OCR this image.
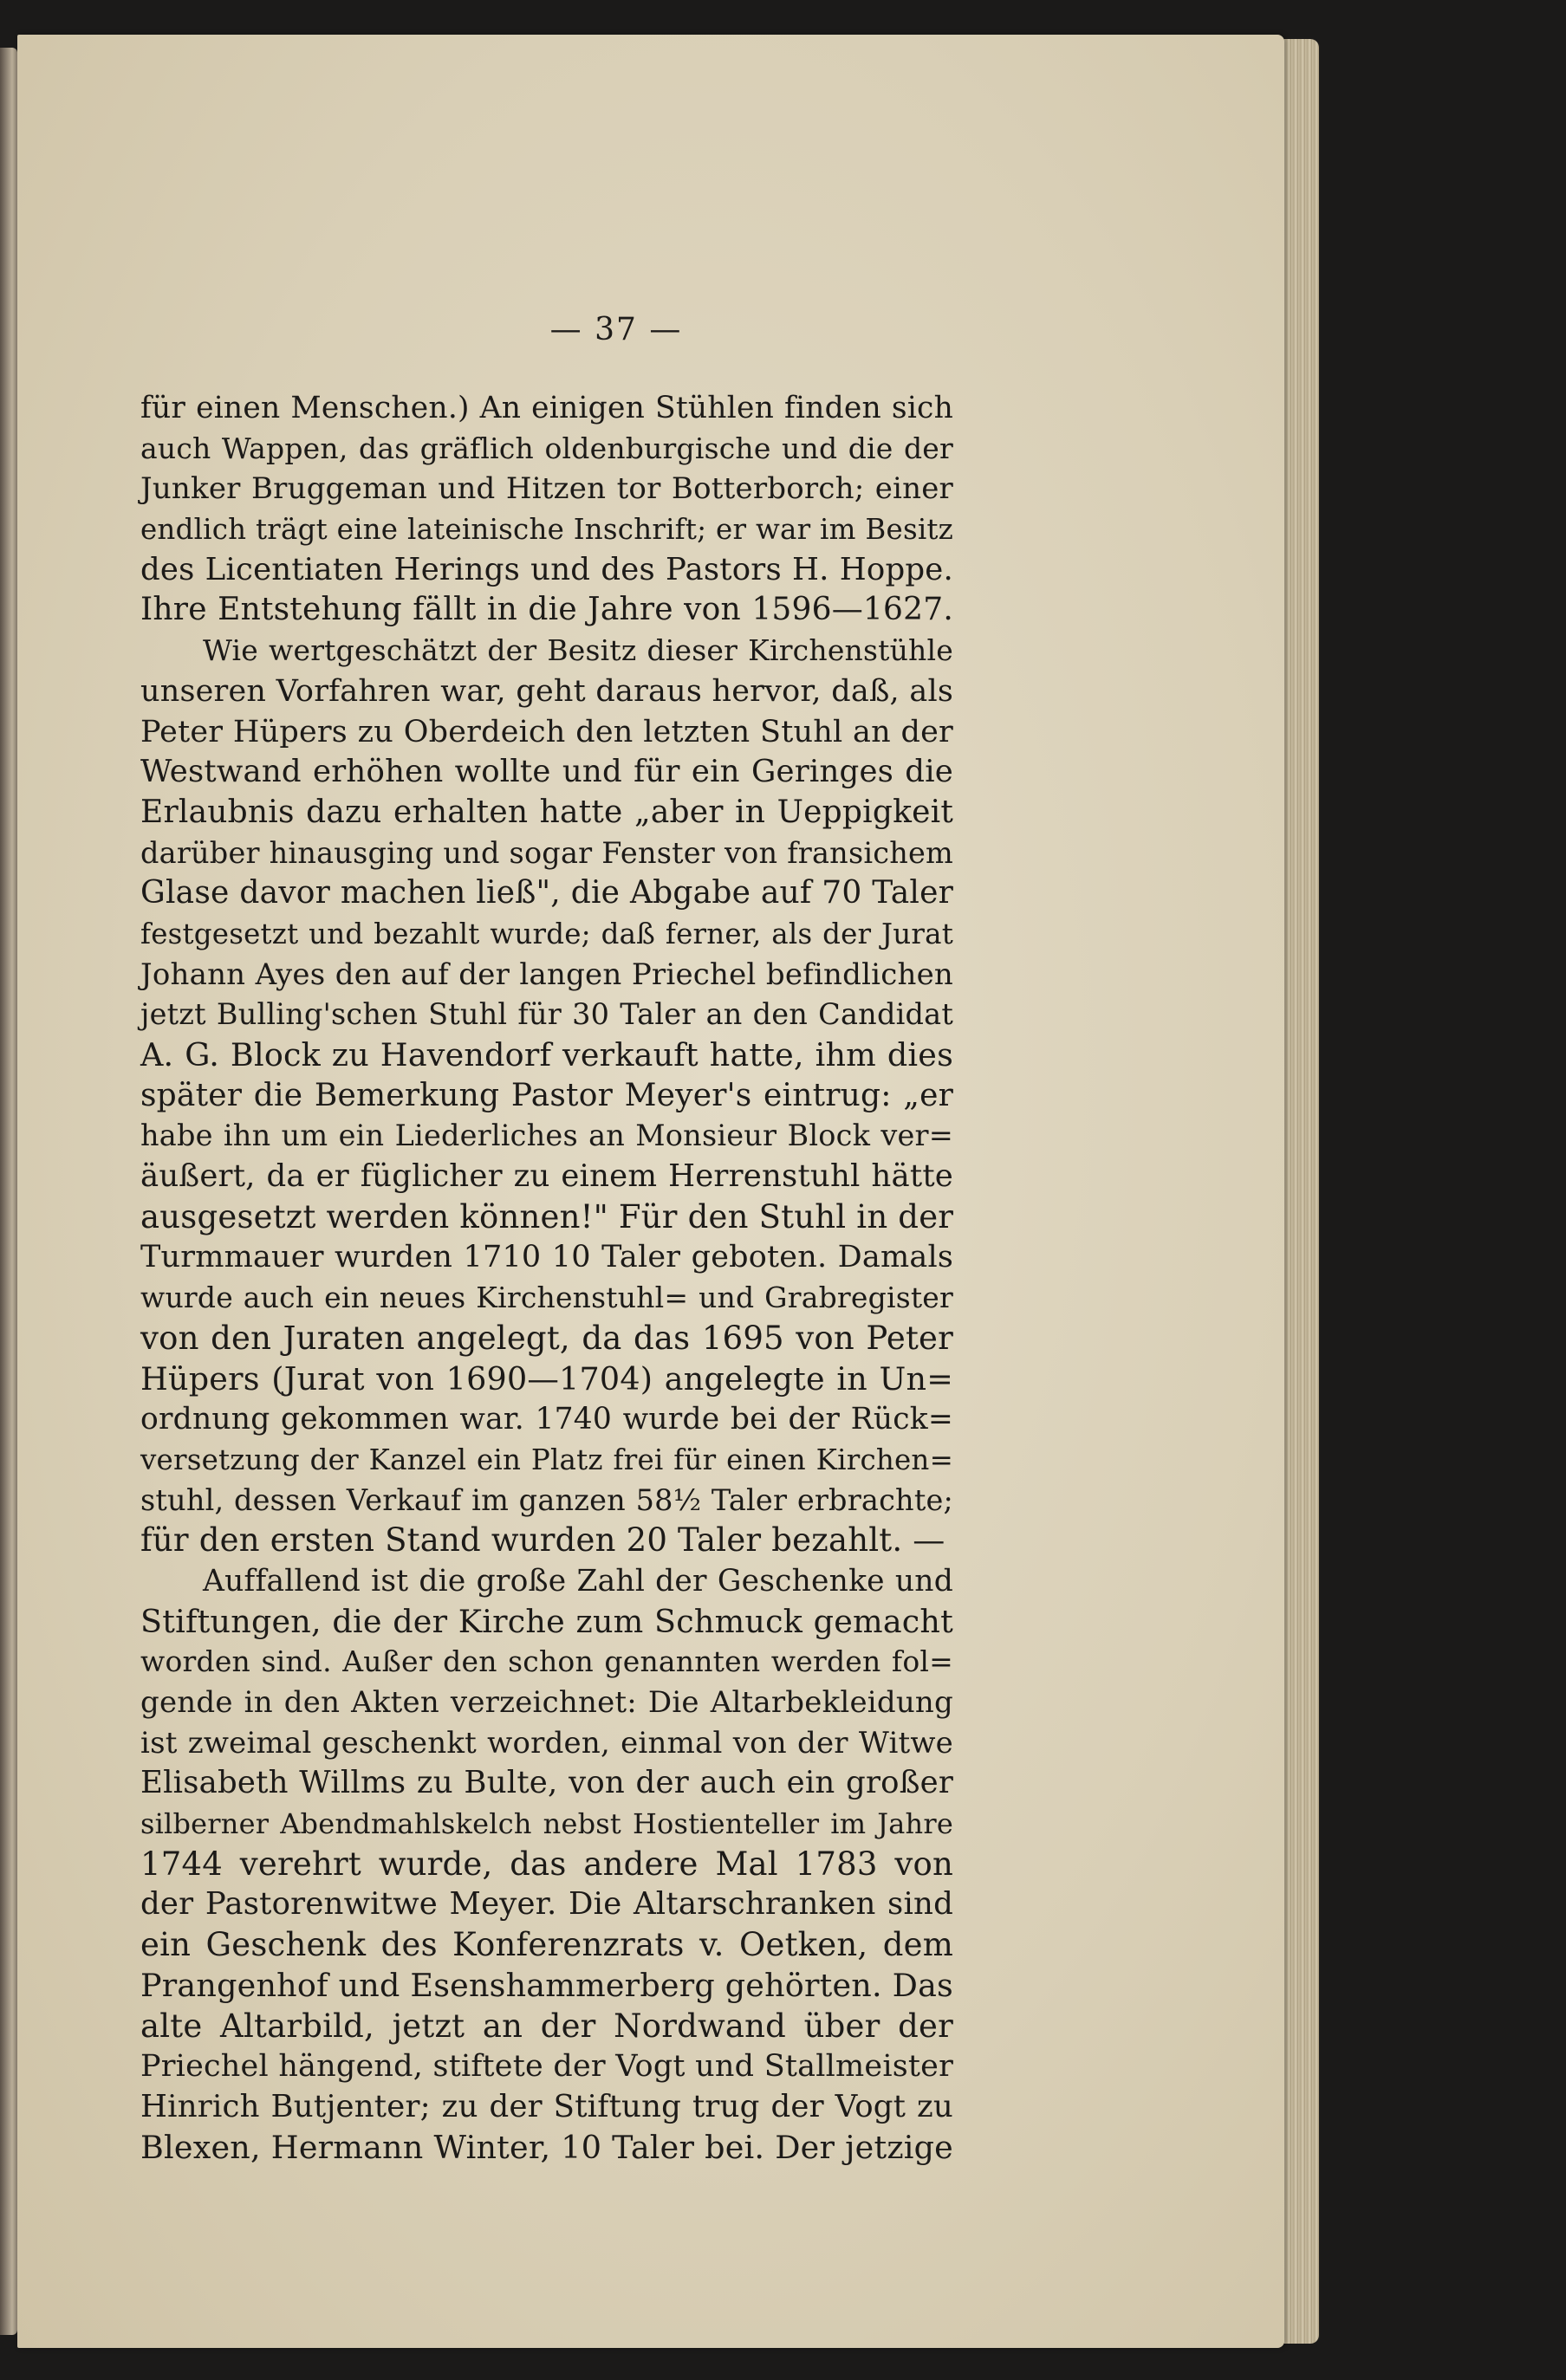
— 37 —
für einen Menschen.) An einigen Stühlen finden sich
auch Wappen, das gräflich oldenburgische und die der
Junker Bruggeman und Hitzen tor Botterborch; einer
endlich trägt eine lateinische Inschrift; er war im Besitz
des Licentiaten Herings und des Pastors H. Hoppe.
Ihre Entstehung fällt in die Jahre von 1596—1627.
Wie wertgeschätzt der Besitz dieser Kirchenstühle
unseren Vorfahren war, geht daraus hervor, daß, als
Peter Hüpers zu Oberdeich den letzten Stuhl an der
Westwand erhöhen wollte und für ein Geringes die
Erlaubnis dazu erhalten hatte „aber in Ueppigkeit
darüber hinausging und sogar Fenster von fransichem
Glase davor machen ließ", die Abgabe auf 70 Taler
festgesetzt und bezahlt wurde; daß ferner, als der Jurat
Johann Ayes den auf der langen Priechel befindlichen
jetzt Bulling'schen Stuhl für 30 Taler an den Candidat
A. G. Block zu Havendorf verkauft hatte, ihm dies
später die Bemerkung Pastor Meyer's eintrug: „er
habe ihn um ein Liederliches an Monsieur Block ver=
äußert, da er füglicher zu einem Herrenstuhl hätte
ausgesetzt werden können!" Für den Stuhl in der
Turmmauer wurden 1710 10 Taler geboten. Damals
wurde auch ein neues Kirchenstuhl= und Grabregister
von den Juraten angelegt, da das 1695 von Peter
Hüpers (Jurat von 1690—1704) angelegte in Un=
ordnung gekommen war. 1740 wurde bei der Rück=
versetzung der Kanzel ein Platz frei für einen Kirchen=
stuhl, dessen Verkauf im ganzen 58½ Taler erbrachte;
für den ersten Stand wurden 20 Taler bezahlt. —
Auffallend ist die große Zahl der Geschenke und
Stiftungen, die der Kirche zum Schmuck gemacht
worden sind. Außer den schon genannten werden fol=
gende in den Akten verzeichnet: Die Altarbekleidung
ist zweimal geschenkt worden, einmal von der Witwe
Elisabeth Willms zu Bulte, von der auch ein großer
silberner Abendmahlskelch nebst Hostienteller im Jahre
1744 verehrt wurde, das andere Mal 1783 von
der Pastorenwitwe Meyer. Die Altarschranken sind
ein Geschenk des Konferenzrats v. Oetken, dem
Prangenhof und Esenshammerberg gehörten. Das
alte Altarbild, jetzt an der Nordwand über der
Priechel hängend, stiftete der Vogt und Stallmeister
Hinrich Butjenter; zu der Stiftung trug der Vogt zu
Blexen, Hermann Winter, 10 Taler bei. Der jetzige
